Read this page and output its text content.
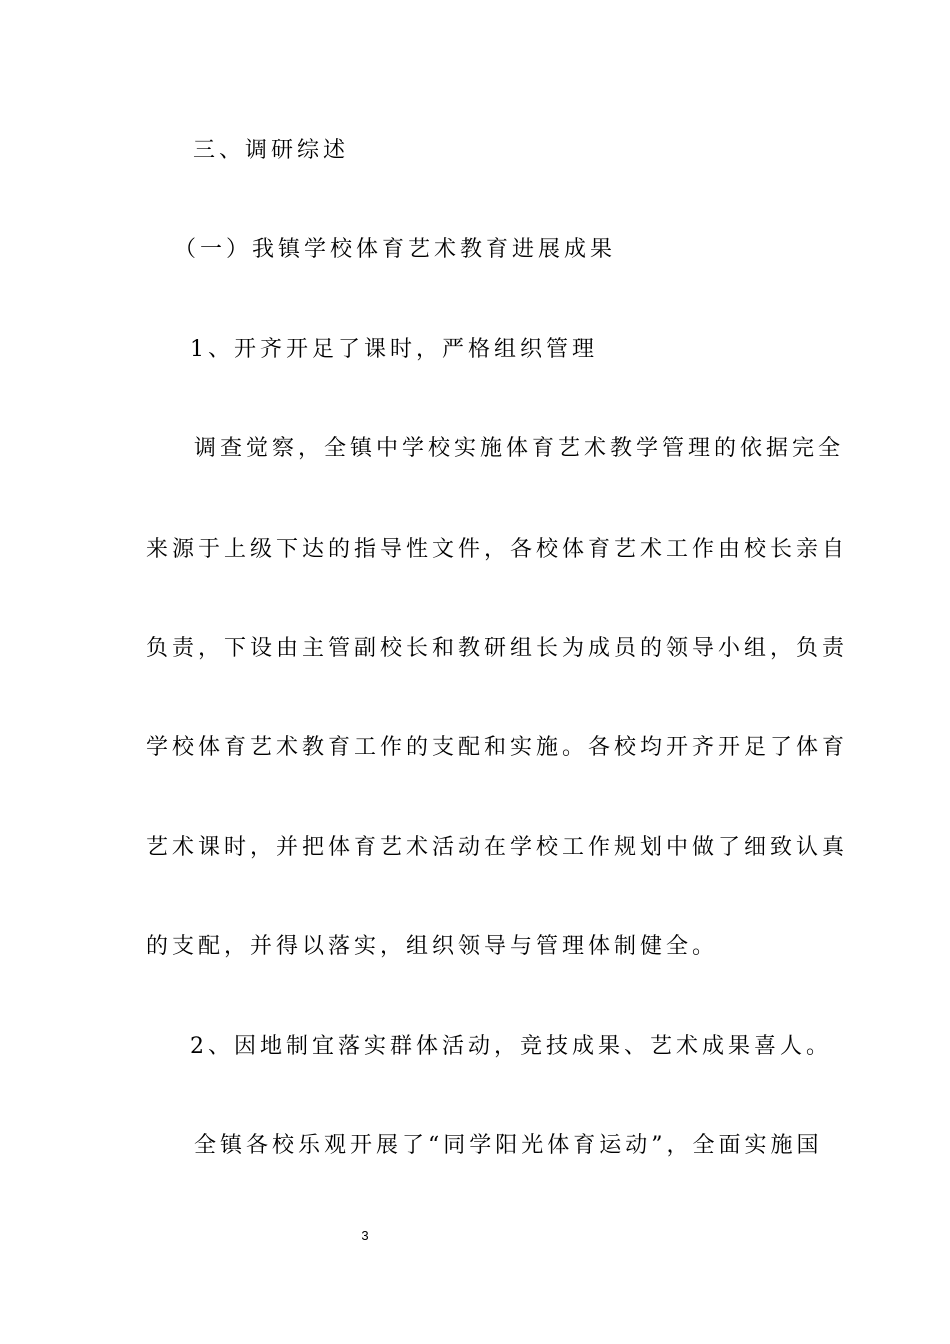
三、调研综述
（一）我镇学校体育艺术教育进展成果
1、开齐开足了课时，严格组织管理
调查觉察，全镇中学校实施体育艺术教学管理的依据完全
来源于上级下达的指导性文件，各校体育艺术工作由校长亲自
负责，下设由主管副校长和教研组长为成员的领导小组，负责
学校体育艺术教育工作的支配和实施。各校均开齐开足了体育
艺术课时，并把体育艺术活动在学校工作规划中做了细致认真
的支配，并得以落实，组织领导与管理体制健全。
2、因地制宜落实群体活动，竞技成果、艺术成果喜人。
全镇各校乐观开展了“同学阳光体育运动”，全面实施国
3
